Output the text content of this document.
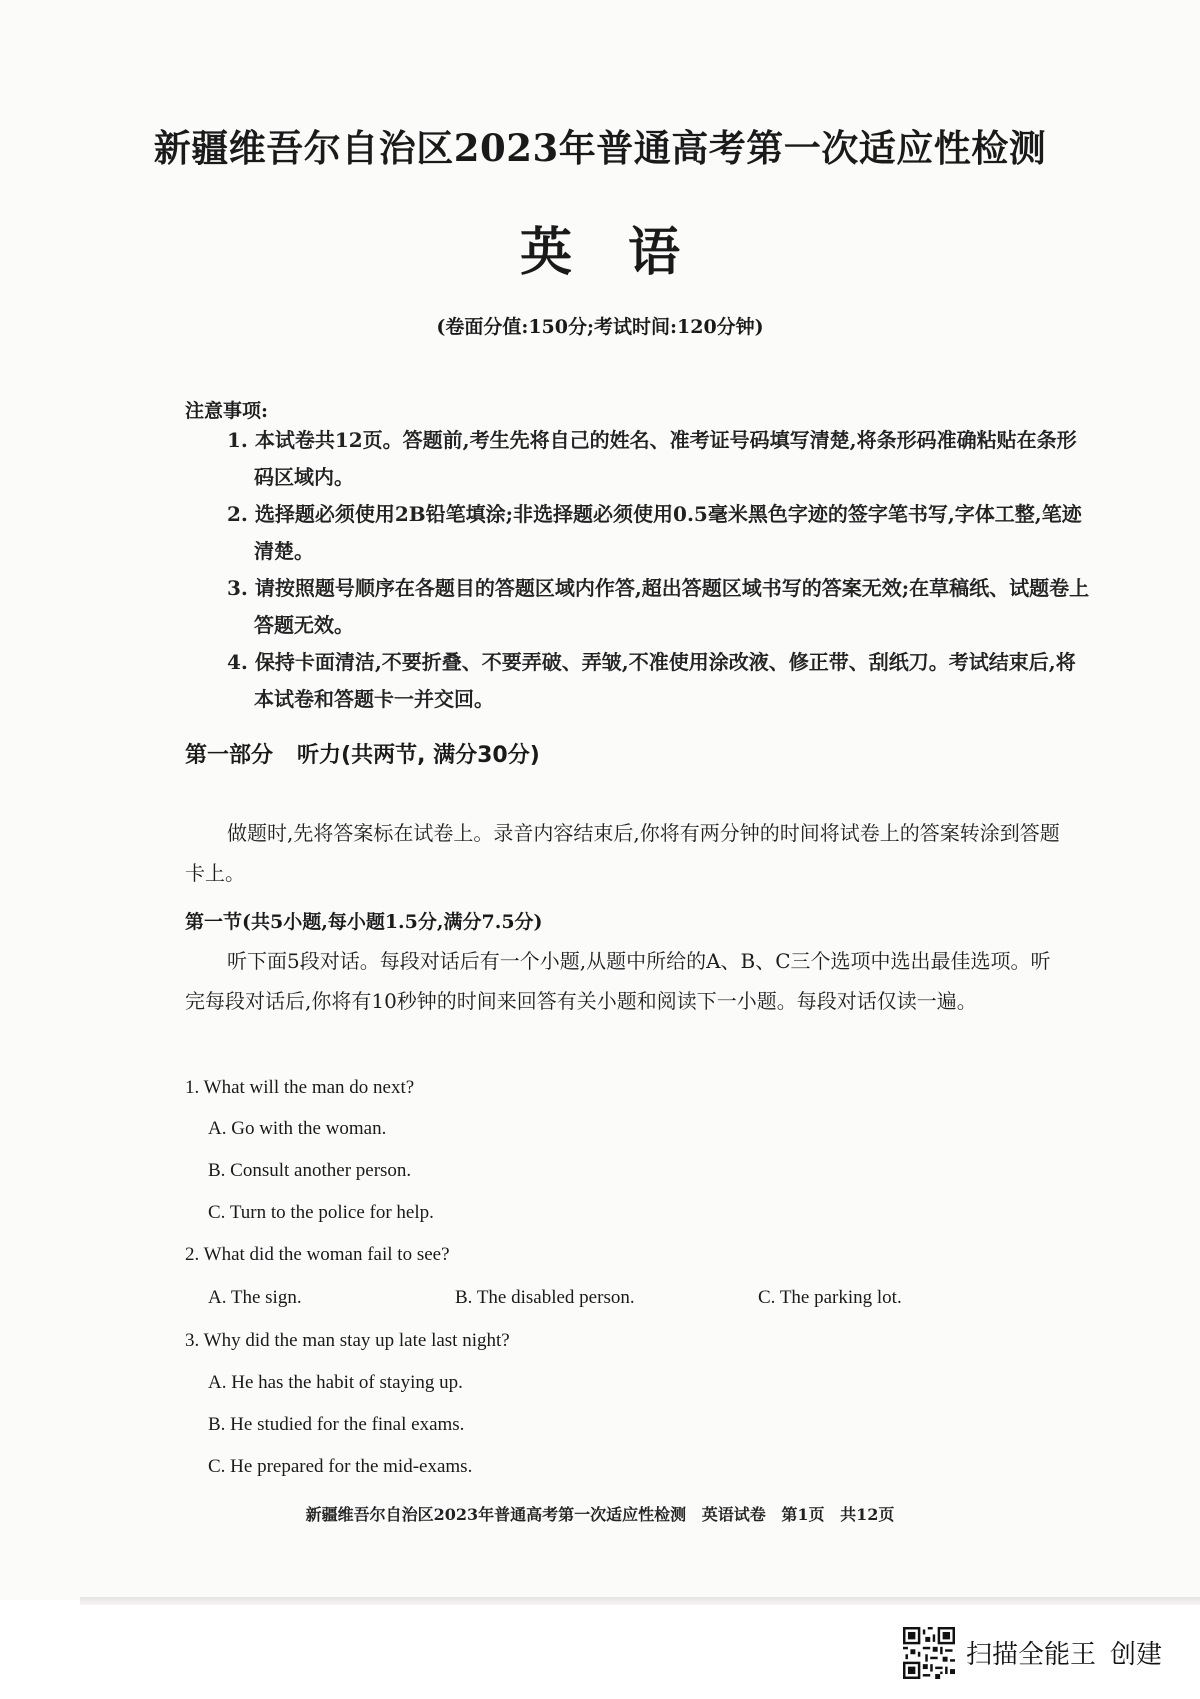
新疆维吾尔自治区2023年普通高考第一次适应性检测
英 语
(卷面分值:150分;考试时间:120分钟)
注意事项:
1. 本试卷共12页。答题前,考生先将自己的姓名、准考证号码填写清楚,将条形码准确粘贴在条形码区域内。
2. 选择题必须使用2B铅笔填涂;非选择题必须使用0.5毫米黑色字迹的签字笔书写,字体工整,笔迹清楚。
3. 请按照题号顺序在各题目的答题区域内作答,超出答题区域书写的答案无效;在草稿纸、试题卷上答题无效。
4. 保持卡面清洁,不要折叠、不要弄破、弄皱,不准使用涂改液、修正带、刮纸刀。考试结束后,将本试卷和答题卡一并交回。
第一部分 听力(共两节, 满分30分)
做题时,先将答案标在试卷上。录音内容结束后,你将有两分钟的时间将试卷上的答案转涂到答题卡上。
第一节(共5小题,每小题1.5分,满分7.5分)
听下面5段对话。每段对话后有一个小题,从题中所给的A、B、C三个选项中选出最佳选项。听完每段对话后,你将有10秒钟的时间来回答有关小题和阅读下一小题。每段对话仅读一遍。
1. What will the man do next?
A. Go with the woman.
B. Consult another person.
C. Turn to the police for help.
2. What did the woman fail to see?
A. The sign.	B. The disabled person.	C. The parking lot.
3. Why did the man stay up late last night?
A. He has the habit of staying up.
B. He studied for the final exams.
C. He prepared for the mid-exams.
新疆维吾尔自治区2023年普通高考第一次适应性检测 英语试卷 第1页 共12页
扫描全能王 创建
